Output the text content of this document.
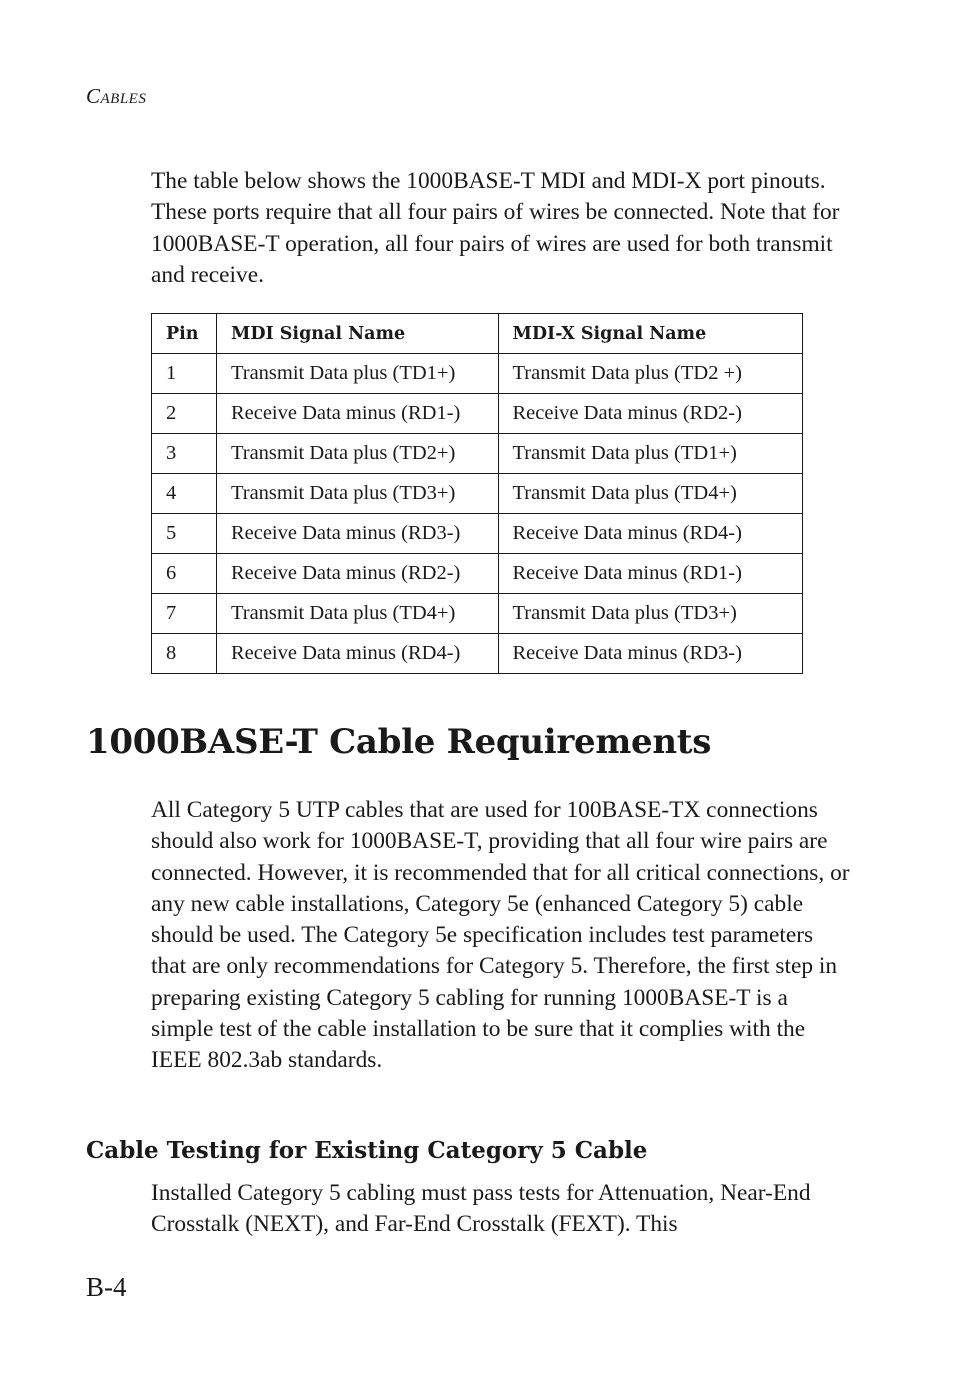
CABLES

The table below shows the 1000BASE-T MDI and MDI-X port pinouts. These ports require that all four pairs of wires be connected. Note that for 1000BASE-T operation, all four pairs of wires are used for both transmit and receive.

Pin	MDI Signal Name	MDI-X Signal Name
1	Transmit Data plus (TD1+)	Transmit Data plus (TD2 +)
2	Receive Data minus (RD1-)	Receive Data minus (RD2-)
3	Transmit Data plus (TD2+)	Transmit Data plus (TD1+)
4	Transmit Data plus (TD3+)	Transmit Data plus (TD4+)
5	Receive Data minus (RD3-)	Receive Data minus (RD4-)
6	Receive Data minus (RD2-)	Receive Data minus (RD1-)
7	Transmit Data plus (TD4+)	Transmit Data plus (TD3+)
8	Receive Data minus (RD4-)	Receive Data minus (RD3-)
1000BASE-T Cable Requirements

All Category 5 UTP cables that are used for 100BASE-TX connections should also work for 1000BASE-T, providing that all four wire pairs are connected. However, it is recommended that for all critical connections, or any new cable installations, Category 5e (enhanced Category 5) cable should be used. The Category 5e specification includes test parameters that are only recommendations for Category 5. Therefore, the first step in preparing existing Category 5 cabling for running 1000BASE-T is a simple test of the cable installation to be sure that it complies with the IEEE 802.3ab standards.

Cable Testing for Existing Category 5 Cable

Installed Category 5 cabling must pass tests for Attenuation, Near-End Crosstalk (NEXT), and Far-End Crosstalk (FEXT). This

B-4
